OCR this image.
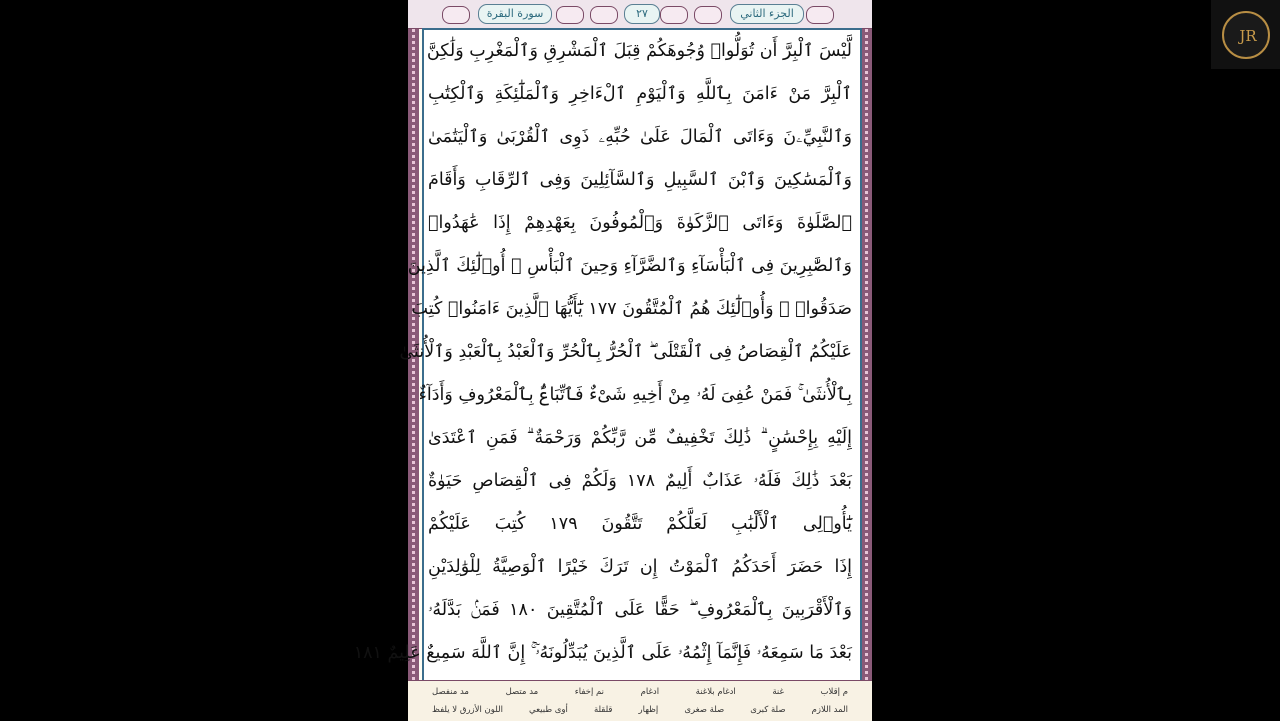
سورة البقرة	٢٧	الجزء الثاني
لَّيْسَ ٱلْبِرَّ أَن تُوَلُّوا۟ وُجُوهَكُمْ قِبَلَ ٱلْمَشْرِقِ وَٱلْمَغْرِبِ وَلَٰكِنَّ
ٱلْبِرَّ مَنْ ءَامَنَ بِٱللَّهِ وَٱلْيَوْمِ ٱلْءَاخِرِ وَٱلْمَلَٰٓئِكَةِ وَٱلْكِتَٰبِ
وَٱلنَّبِيِّۦنَ وَءَاتَى ٱلْمَالَ عَلَىٰ حُبِّهِۦ ذَوِى ٱلْقُرْبَىٰ وَٱلْيَتَٰمَىٰ
وَٱلْمَسَٰكِينَ وَٱبْنَ ٱلسَّبِيلِ وَٱلسَّآئِلِينَ وَفِى ٱلرِّقَابِ وَأَقَامَ
ٱلصَّلَوٰةَ وَءَاتَى ٱلزَّكَوٰةَ وَٱلْمُوفُونَ بِعَهْدِهِمْ إِذَا عَٰهَدُوا۟
وَٱلصَّٰبِرِينَ فِى ٱلْبَأْسَآءِ وَٱلضَّرَّآءِ وَحِينَ ٱلْبَأْسِ ۗ أُو۟لَٰٓئِكَ ٱلَّذِينَ
صَدَقُوا۟ ۖ وَأُو۟لَٰٓئِكَ هُمُ ٱلْمُتَّقُونَ ١٧٧ يَٰٓأَيُّهَا ٱلَّذِينَ ءَامَنُوا۟ كُتِبَ
عَلَيْكُمُ ٱلْقِصَاصُ فِى ٱلْقَتْلَى ۖ ٱلْحُرُّ بِٱلْحُرِّ وَٱلْعَبْدُ بِٱلْعَبْدِ وَٱلْأُنثَىٰ
بِٱلْأُنثَىٰ ۚ فَمَنْ عُفِىَ لَهُۥ مِنْ أَخِيهِ شَىْءٌ فَٱتِّبَاعٌۢ بِٱلْمَعْرُوفِ وَأَدَآءٌ
إِلَيْهِ بِإِحْسَٰنٍ ۗ ذَٰلِكَ تَخْفِيفٌ مِّن رَّبِّكُمْ وَرَحْمَةٌ ۗ فَمَنِ ٱعْتَدَىٰ
بَعْدَ ذَٰلِكَ فَلَهُۥ عَذَابٌ أَلِيمٌ ١٧٨ وَلَكُمْ فِى ٱلْقِصَاصِ حَيَوٰةٌ
يَٰٓأُو۟لِى ٱلْأَلْبَٰبِ لَعَلَّكُمْ تَتَّقُونَ ١٧٩ كُتِبَ عَلَيْكُمْ
إِذَا حَضَرَ أَحَدَكُمُ ٱلْمَوْتُ إِن تَرَكَ خَيْرًا ٱلْوَصِيَّةُ لِلْوَٰلِدَيْنِ
وَٱلْأَقْرَبِينَ بِٱلْمَعْرُوفِ ۖ حَقًّا عَلَى ٱلْمُتَّقِينَ ١٨٠ فَمَنۢ بَدَّلَهُۥ
بَعْدَ مَا سَمِعَهُۥ فَإِنَّمَآ إِثْمُهُۥ عَلَى ٱلَّذِينَ يُبَدِّلُونَهُۥٓ ۚ إِنَّ ٱللَّهَ سَمِيعٌ عَلِيمٌ ١٨١
م إقلاب
غنة
ادغام بلاغنة
ادغام
نم إخفاء
مد متصل
مد منفصل
المد اللازم
صلة كبرى
صلة صغرى
إظهار
قلقلة
أوى طبيعي
اللون الأزرق لا يلفظ
JR
